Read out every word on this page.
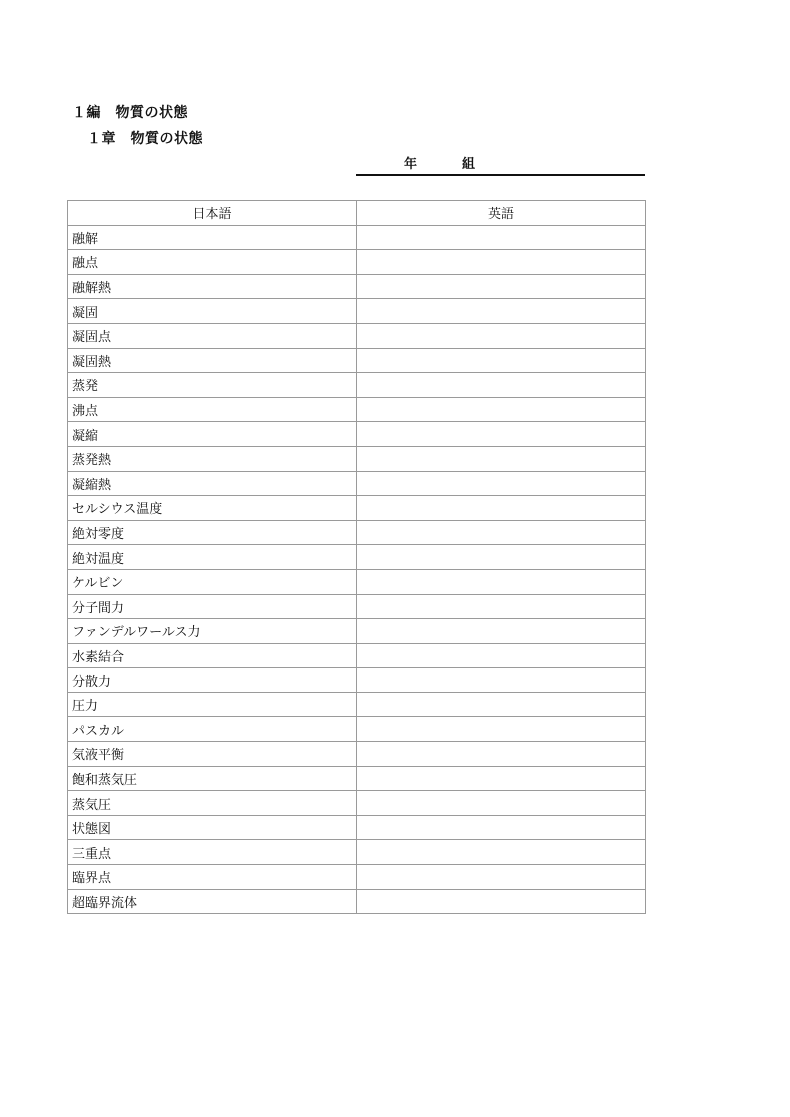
１編　物質の状態
１章　物質の状態
年	組
日本語	英語
融解	
融点	
融解熱	
凝固	
凝固点	
凝固熱	
蒸発	
沸点	
凝縮	
蒸発熱	
凝縮熱	
セルシウス温度	
絶対零度	
絶対温度	
ケルビン	
分子間力	
ファンデルワールス力	
水素結合	
分散力	
圧力	
パスカル	
気液平衡	
飽和蒸気圧	
蒸気圧	
状態図	
三重点	
臨界点	
超臨界流体	
